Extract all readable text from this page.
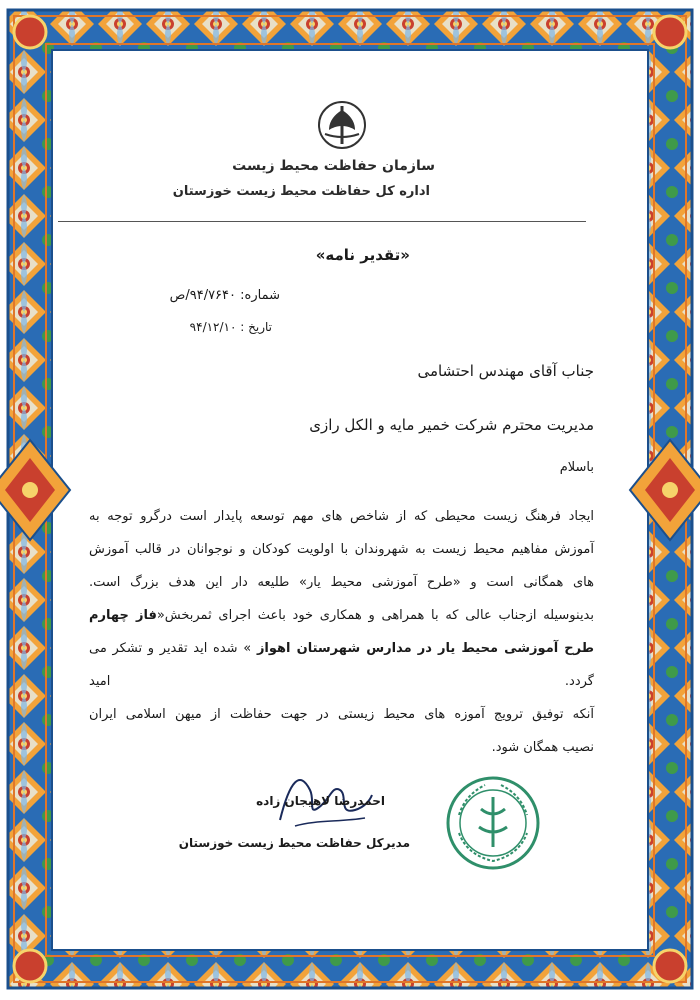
سازمان حفاظت محیط زیست
اداره کل حفاظت محیط زیست خوزستان
«تقدیر نامه»
شماره: ۹۴/۷۶۴۰/ص
تاریخ : ۹۴/۱۲/۱۰
جناب آقای مهندس احتشامی
مدیریت محترم شرکت خمیر مایه و الکل رازی
باسلام

ایجاد فرهنگ زیست محیطی که از شاخص های مهم توسعه پایدار است درگرو توجه به

آموزش مفاهیم محیط زیست به شهروندان با اولویت کودکان و نوجوانان در قالب آموزش

های همگانی است و «طرح آموزشی محیط یار» طلیعه دار این هدف بزرگ است.

بدینوسیله ازجناب عالی که با همراهی و همکاری خود باعث اجرای ثمربخش«فاز چهارم

طرح آموزشی محیط یار در مدارس شهرستان اهواز » شده اید تقدیر و تشکر می گردد. امید

آنکه توفیق ترویج آموزه های محیط زیستی در جهت حفاظت از میهن اسلامی ایران

نصیب همگان شود.

احمدرضا لاهیجان زاده
مدیرکل حفاظت محیط زیست خوزستان
